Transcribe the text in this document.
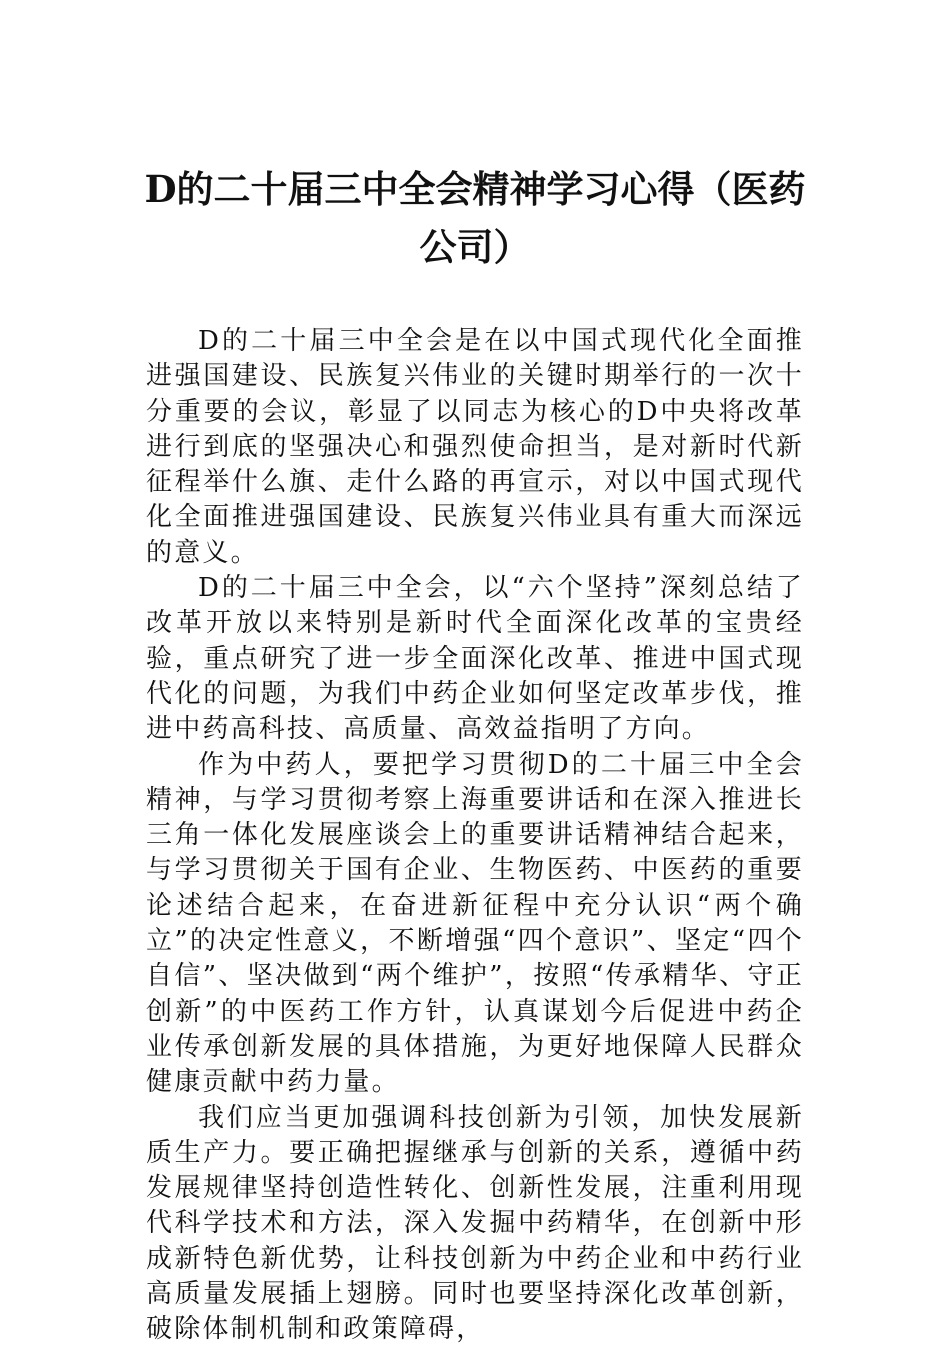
D的二十届三中全会精神学习心得（医药
公司）

D的二十届三中全会是在以中国式现代化全面推进强国建设、民族复兴伟业的关键时期举行的一次十分重要的会议，彰显了以同志为核心的D中央将改革进行到底的坚强决心和强烈使命担当，是对新时代新征程举什么旗、走什么路的再宣示，对以中国式现代化全面推进强国建设、民族复兴伟业具有重大而深远的意义。

D的二十届三中全会，以“六个坚持”深刻总结了改革开放以来特别是新时代全面深化改革的宝贵经验，重点研究了进一步全面深化改革、推进中国式现代化的问题，为我们中药企业如何坚定改革步伐，推进中药高科技、高质量、高效益指明了方向。

作为中药人，要把学习贯彻D的二十届三中全会精神，与学习贯彻考察上海重要讲话和在深入推进长三角一体化发展座谈会上的重要讲话精神结合起来，与学习贯彻关于国有企业、生物医药、中医药的重要论述结合起来，在奋进新征程中充分认识“两个确立”的决定性意义，不断增强“四个意识”、坚定“四个自信”、坚决做到“两个维护”，按照“传承精华、守正创新”的中医药工作方针，认真谋划今后促进中药企业传承创新发展的具体措施，为更好地保障人民群众健康贡献中药力量。

我们应当更加强调科技创新为引领，加快发展新质生产力。要正确把握继承与创新的关系，遵循中药发展规律坚持创造性转化、创新性发展，注重利用现代科学技术和方法，深入发掘中药精华，在创新中形成新特色新优势，让科技创新为中药企业和中药行业高质量发展插上翅膀。同时也要坚持深化改革创新，破除体制机制和政策障碍，
